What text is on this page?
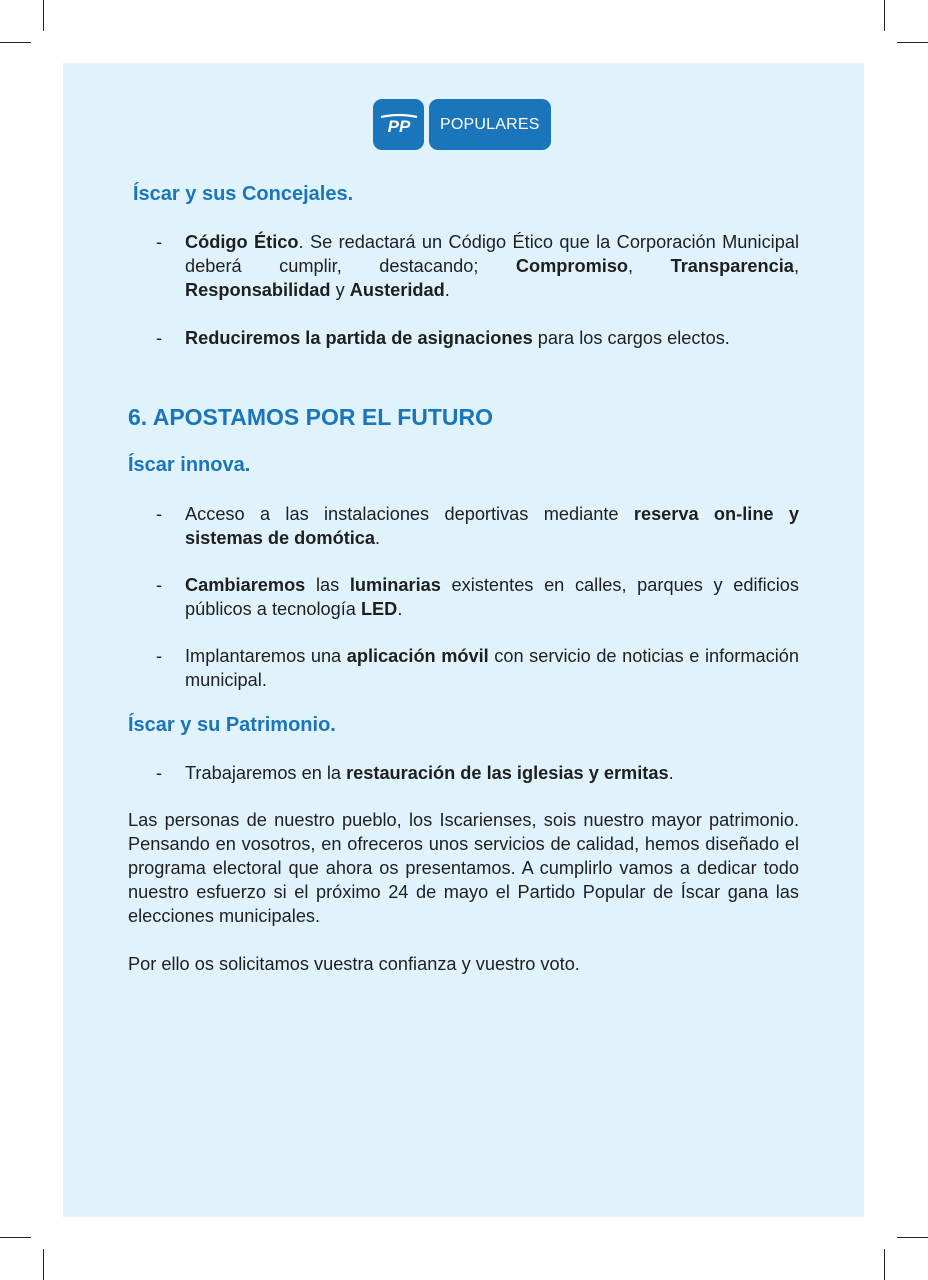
PP	POPULARES
Íscar y sus Concejales.
- Código Ético. Se redactará un Código Ético que la Corporación Municipal deberá cumplir, destacando; Compromiso, Transparencia, Responsabilidad y Austeridad.
- Reduciremos la partida de asignaciones para los cargos electos.
6. APOSTAMOS POR EL FUTURO
Íscar innova.
- Acceso a las instalaciones deportivas mediante reserva on-line y sistemas de domótica.
- Cambiaremos las luminarias existentes en calles, parques y edificios públicos a tecnología LED.
- Implantaremos una aplicación móvil con servicio de noticias e información municipal.
Íscar y su Patrimonio.
- Trabajaremos en la restauración de las iglesias y ermitas.

Las personas de nuestro pueblo, los Iscarienses, sois nuestro mayor patrimonio. Pensando en vosotros, en ofreceros unos servicios de calidad, hemos diseñado el programa electoral que ahora os presentamos. A cumplirlo vamos a dedicar todo nuestro esfuerzo si el próximo 24 de mayo el Partido Popular de Íscar gana las elecciones municipales.

Por ello os solicitamos vuestra confianza y vuestro voto.
